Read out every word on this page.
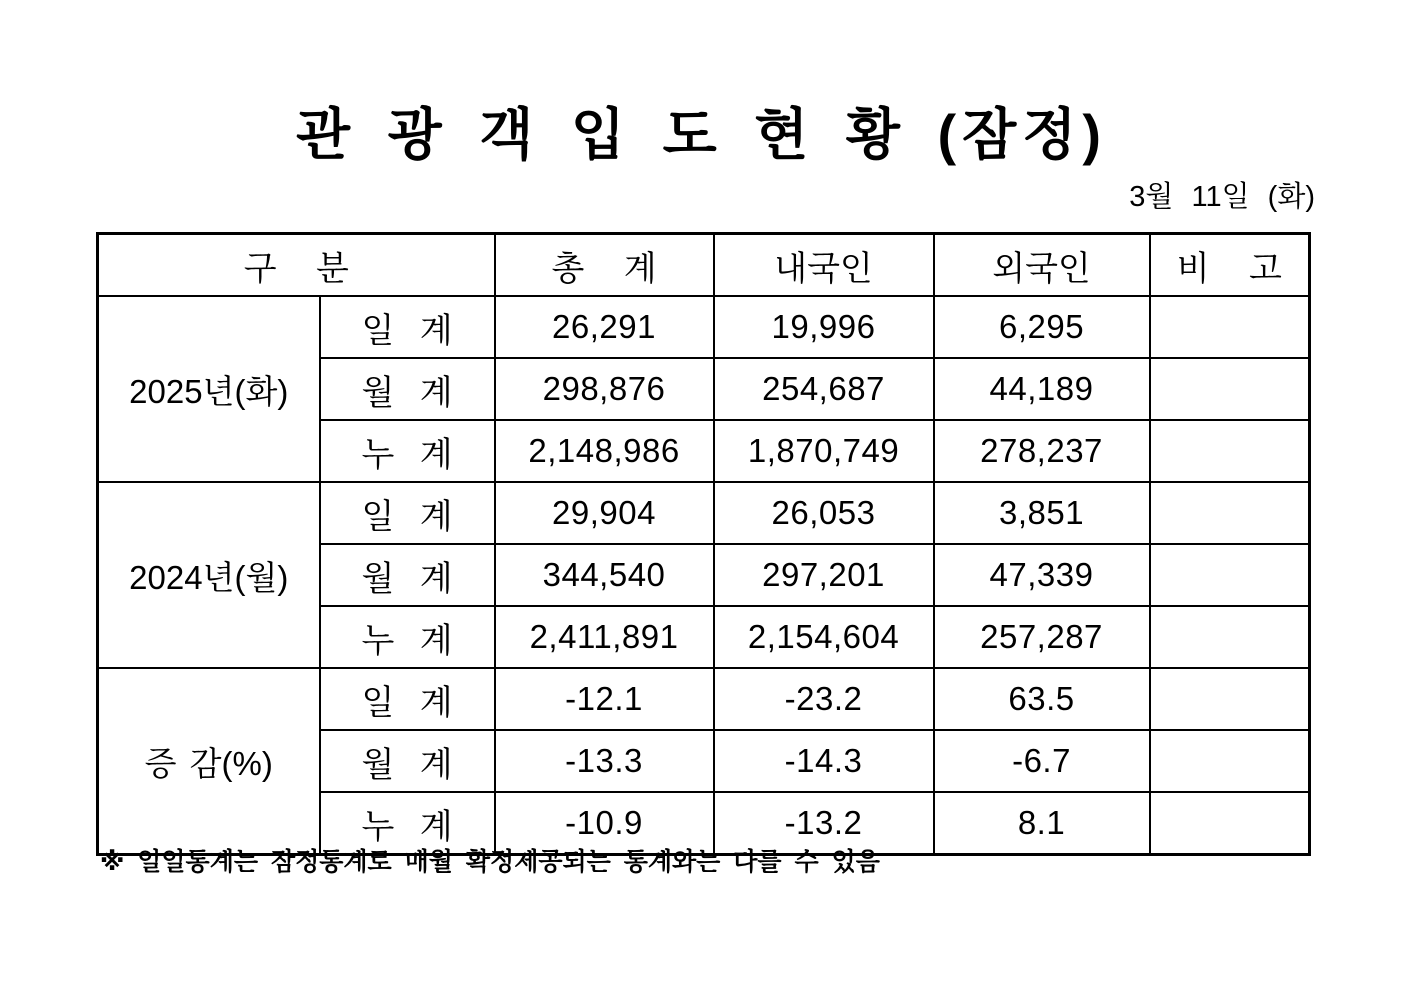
관 광 객 입 도 현 황 (잠정)
3월 11일 (화)
구 분		총 계	내국인	외국인	비 고
2025년(화)	일 계	26,291	19,996	6,295	
	월 계	298,876	254,687	44,189	
	누 계	2,148,986	1,870,749	278,237	
2024년(월)	일 계	29,904	26,053	3,851	
	월 계	344,540	297,201	47,339	
	누 계	2,411,891	2,154,604	257,287	
증 감(%)	일 계	-12.1	-23.2	63.5	
	월 계	-13.3	-14.3	-6.7	
	누 계	-10.9	-13.2	8.1	
※ 일일통계는 잠정통계로 매월 확정제공되는 통계와는 다를 수 있음
